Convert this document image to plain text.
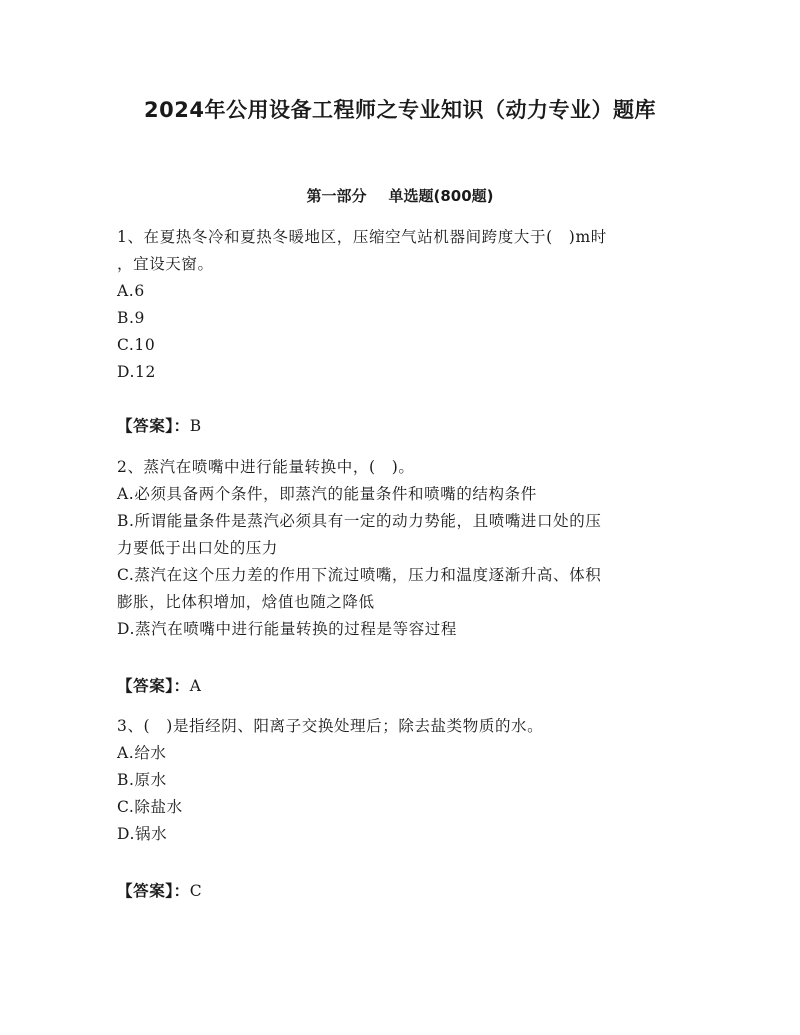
2024年公用设备工程师之专业知识（动力专业）题库
第一部分 单选题(800题)
1、在夏热冬冷和夏热冬暖地区，压缩空气站机器间跨度大于(　)m时
，宜设天窗。
A.6
B.9
C.10
D.12
【答案】：B
2、蒸汽在喷嘴中进行能量转换中，(　)。
A.必须具备两个条件，即蒸汽的能量条件和喷嘴的结构条件
B.所谓能量条件是蒸汽必须具有一定的动力势能，且喷嘴进口处的压
力要低于出口处的压力
C.蒸汽在这个压力差的作用下流过喷嘴，压力和温度逐渐升高、体积
膨胀，比体积增加，焓值也随之降低
D.蒸汽在喷嘴中进行能量转换的过程是等容过程
【答案】：A
3、(　)是指经阴、阳离子交换处理后；除去盐类物质的水。
A.给水
B.原水
C.除盐水
D.锅水
【答案】：C
